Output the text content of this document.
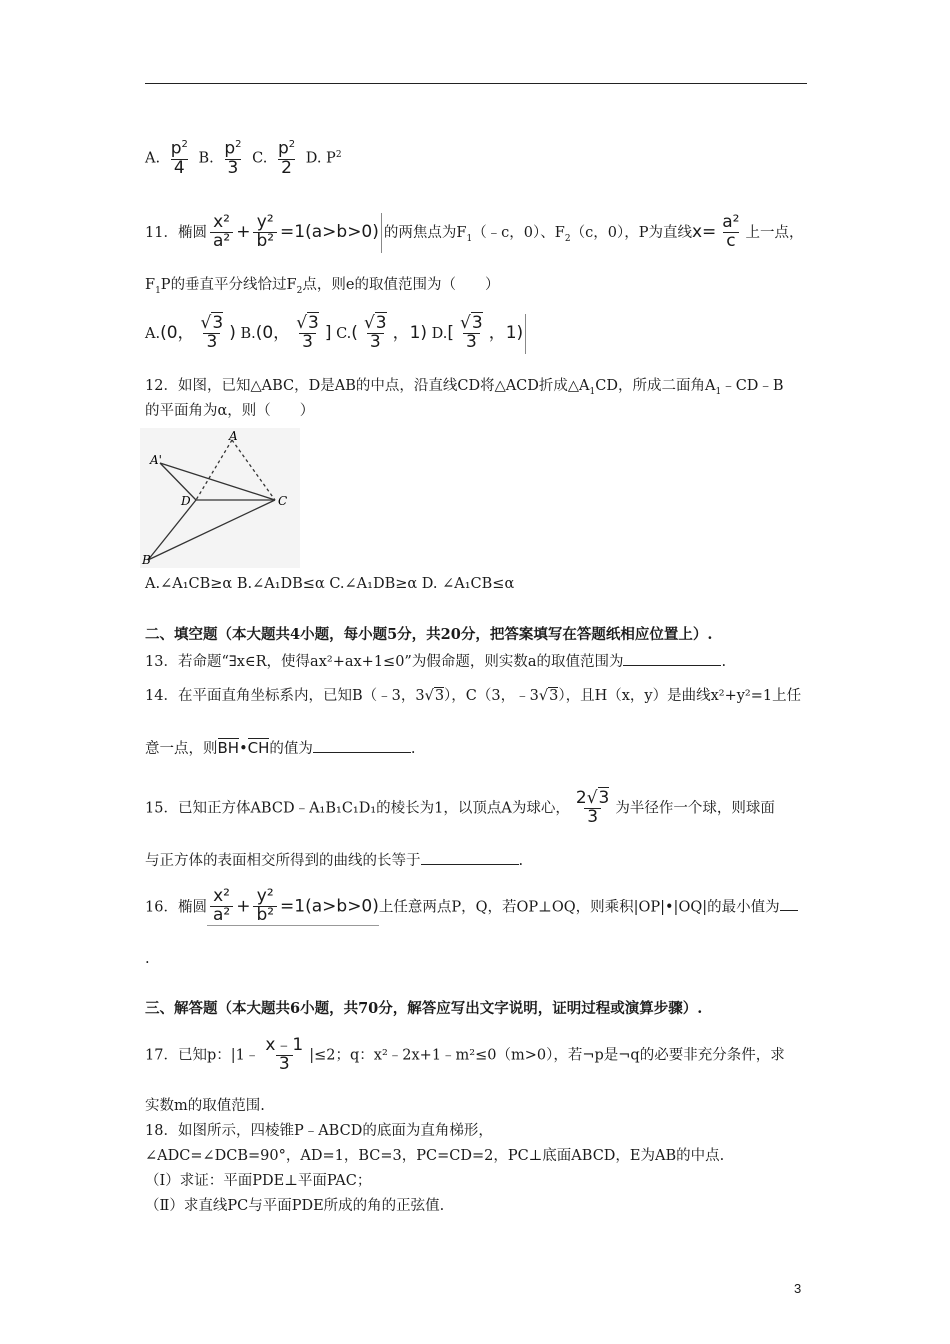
A. $\frac{p^2}{4} B$. $\frac{p^2}{3} C$. $\frac{p^2}{2} D$. $P^2$
11．椭圆 $\frac{\text{x²}}{\text{a²}} + \frac{\text{y²}}{\text{b²}} =1(a>b>0)$ 的两焦点为$F_1(﹣c$，0）、$F_2(c$，0），P为直线$x= \frac{\text{a²}}{c}$ 上一点，
$F_1P$的垂直平分线恰过$F_2$点，则e的取值范围为（　　）
A.(0， $\frac{√3}{3}$ ) B.(0， $\frac{√3}{3}$ ] $C.( \frac{√3}{3}$ ，1) $D.[ \frac{√3}{3}$ ，1)
12．如图，已知△ABC，D是AB的中点，沿直线CD将△ACD折成$\triangle A_1CD$，所成二面角$A_1﹣CD﹣B$
的平面角为α，则（　　）
A'
A
D	C
B
A.∠A₁CB≥α B.∠A₁DB≤α C.∠A₁DB≥α D. ∠A₁CB≤α
二、填空题（本大题共4小题，每小题5分，共20分，把答案填写在答题纸相应位置上）.
13．若命题“∃x∈R，使得ax²+ax+1≤0”为假命题，则实数a的取值范围为	.
14．在平面直角坐标系内，已知B（﹣3，3√3），C（3，﹣3√3），且H（x，y）是曲线x²+y²=1上任
意一点，则BH•CH的值为	.
15．已知正方体ABCD﹣A₁B₁C₁D₁的棱长为1，以顶点A为球心， $\frac{2√3}{3}$ 为半径作一个球，则球面
与正方体的表面相交所得到的曲线的长等于	.
16．椭圆 $\frac{\text{x²}}{\text{a²}} + \frac{\text{y²}}{\text{b²}} =1(a>b>0)$上任意两点P，Q，若OP⊥OQ，则乘积|OP|•|OQ|的最小值为
.
三、解答题（本大题共6小题，共70分，解答应写出文字说明，证明过程或演算步骤）.
17．已知p：|1﹣ $\frac{x﹣1}{3} |\le 2$；q：x²﹣2x+1﹣m²≤0（m>0），若¬p是¬q的必要非充分条件，求
实数m的取值范围.
18．如图所示，四棱锥P﹣ABCD的底面为直角梯形，
∠ADC=∠DCB=90°，AD=1，BC=3，PC=CD=2，PC⊥底面ABCD，E为AB的中点.
（I）求证：平面PDE⊥平面PAC；
（Ⅱ）求直线PC与平面PDE所成的角的正弦值.
3
